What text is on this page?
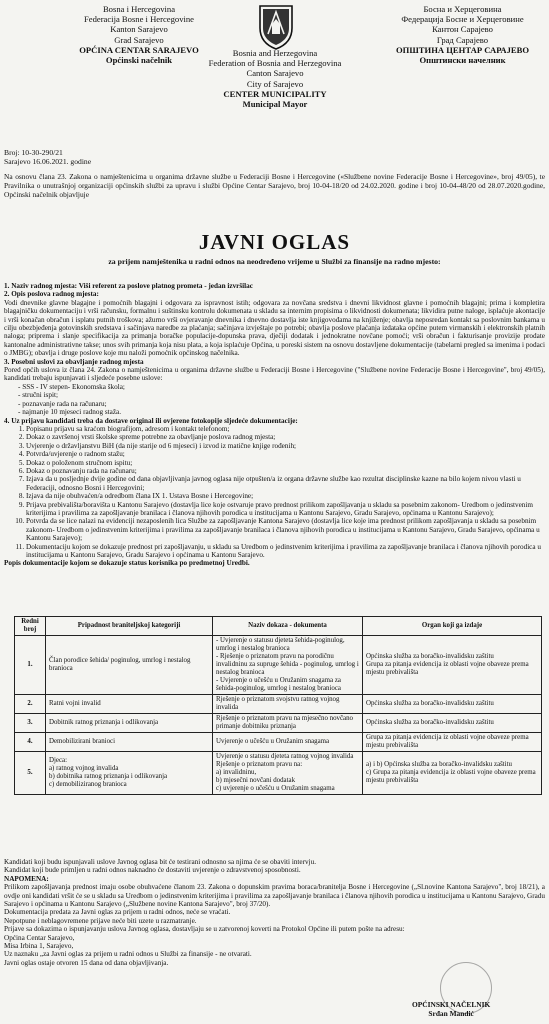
Bosna i Hercegovina
Federacija Bosne i Hercegovine
Kanton Sarajevo
Grad Sarajevo
OPĆINA CENTAR SARAJEVO
Općinski načelnik
Босна и Херцеговина
Федерација Босне и Херцеговине
Кантон Сарајево
Град Сарајево
ОПШТИНА ЦЕНТАР САРАЈЕВО
Општински начелник
Bosnia and Herzegovina
Federation of Bosnia and Herzegovina
Canton Sarajevo
City of Sarajevo
CENTER MUNICIPALITY
Municipal Mayor
Broj: 10-30-290/21
Sarajevo 16.06.2021. godine
Na osnovu člana 23. Zakona o namještenicima u organima državne službe u Federaciji Bosne i Hercegovine («Službene novine Federacije Bosne i Hercegovine», broj 49/05), te Pravilnika o unutrašnjoj organizaciji općinskih službi za upravu i službi Općine Centar Sarajevo, broj 10-04-18/20 od 24.02.2020. godine i broj 10-04-48/20 od 28.07.2020.godine, Općinski načelnik objavljuje
JAVNI OGLAS
za prijem namještenika u radni odnos na neodređeno vrijeme u Službi za finansije na radno mjesto:

1. Naziv radnog mjesta: Viši referent za poslove platnog prometa - jedan izvršilac

2. Opis poslova radnog mjesta:

Vodi dnevnike glavne blagajne i pomoćnih blagajni i odgovara za ispravnost istih; odgovara za novčana sredstva i dnevni likvidnost glavne i pomoćnih blagajni; prima i kompletira blagajničku dokumentaciju i vrši računsku, formalnu i suštinsku kontrolu dokumenata u skladu sa internim propisima o likvidnosti dokumenata; likvidira putne naloge, isplaćuje akontacije i vrši konačan obračun i isplatu putnih troškova; ažurno vrši ovjeravanje dnevnika i dnevno dostavlja iste knjigovođama na knjiženje; obavlja neposredan kontakt sa poslovnim bankama u cilju obezbjeđenja gotovinskih sredstava i sačinjava naredbe za plaćanja; sačinjava izvještaje po potrebi; obavlja poslove plaćanja izdataka općine putem virmanskih i elektronskih platnih naloga; priprema i slanje specifikacija za primanja boračke populacije-dopunska prava, dječiji dodatak i jednokratne novčane pomoći; vrši obračun i fakturisanje provizije prodate kantonalne administrativne takse; unos svih primanja koja nisu plata, a koja isplaćuje Općina, u poreski sistem na osnovu dostavljene dokumentacije (tabelarni pregled sa imenima i podaci o JMBG); obavlja i druge poslove koje mu naloži pomoćnik općinskog načelnika.

3. Posebni uslovi za obavljanje radnog mjesta

Pored općih uslova iz člana 24. Zakona o namještenicima u organima državne službe u Federaciji Bosne i Hercegovine ("Službene novine Federacije Bosne i Hercegovine", broj 49/05), kandidati trebaju ispunjavati i sljedeće posebne uslove:

- SSS - IV stepen- Ekonomska škola;
- stručni ispit;
- poznavanje rada na računaru;
- najmanje 10 mjeseci radnog staža.

4. Uz prijavu kandidati treba da dostave original ili ovjerene fotokopije sljedeće dokumentacije:

1. Popisanu prijavu sa kraćom biografijom, adresom i kontakt telefonom;
2. Dokaz o završenoj vrsti školske spreme potrebne za obavljanje poslova radnog mjesta;
3. Uvjerenje o državljanstvu BiH (da nije starije od 6 mjeseci) i izvod iz matične knjige rođenih;
4. Potvrda/uvjerenje o radnom stažu;
5. Dokaz o položenom stručnom ispitu;
6. Dokaz o poznavanju rada na računaru;
7. Izjava da u posljednje dvije godine od dana objavljivanja javnog oglasa nije otpušten/a iz organa državne službe kao rezultat disciplinske kazne na bilo kojem nivou vlasti u Federaciji, odnosno Bosni i Hercegovini;
8. Izjava da nije obuhvaćen/a odredbom člana IX 1. Ustava Bosne i Hercegovine;
9. Prijava prebivališta/boravišta u Kantonu Sarajevo (dostavlja lice koje ostvaruje pravo prednost prilikom zapošljavanja u skladu sa posebnim zakonom- Uredbom o jedinstvenim kriterijima i pravilima za zapošljavanje branilaca i članova njihovih porodica u institucijama u Kantonu Sarajevo, Gradu Sarajevo, općinama u Kantonu Sarajevo);
10. Potvrda da se lice nalazi na evidenciji nezaposlenih lica Službe za zapošljavanje Kantona Sarajevo (dostavlja lice koje ima prednost prilikom zapošljavanja u skladu sa posebnim zakonom- Uredbom o jedinstvenim kriterijima i pravilima za zapošljavanje branilaca i članova njihovih porodica u institucijama u Kantonu Sarajevo, Gradu Sarajevo, općinama u Kantonu Sarajevo);
11. Dokumentaciju kojom se dokazuje prednost pri zapošljavanju, u skladu sa Uredbom o jedinstvenim kriterijima i pravilima za zapošljavanje branilaca i članova njihovih porodica u institucijama u Kantonu Sarajevo, Gradu Sarajevo i općinama u Kantonu Sarajevo.

Popis dokumentacije kojom se dokazuje status korisnika po predmetnoj Uredbi.

Redni broj	Pripadnost braniteljskoj kategoriji	Naziv dokaza - dokumenta	Organ koji ga izdaje
1.	Član porodice šehida/ poginulog, umrlog i nestalog branioca	- Uvjerenje o statusu djeteta šehida-poginulog, umrlog i nestalog branioca
- Rješenje o priznatom pravu na porodičnu invalidninu za supruge šehida - poginulog, umrlog i nestalog branioca
- Uvjerenje o učešću u Oružanim snagama za šehida-poginulog, umrlog i nestalog branioca	Općinska služba za boračko-invalidsku zaštitu
Grupa za pitanja evidencija iz oblasti vojne obaveze prema mjestu prebivališta
2.	Ratni vojni invalid	Rješenje o priznatom svojstvu ratnog vojnog invalida	Općinska služba za boračko-invalidsku zaštitu
3.	Dobitnik ratnog priznanja i odlikovanja	Rješenje o priznatom pravu na mjesečno novčano primanje dobitniku priznanja	Općinska služba za boračko-invalidsku zaštitu
4.	Demobilizirani branioci	Uvjerenje o učešću u Oružanim snagama	Grupa za pitanja evidencija iz oblasti vojne obaveze prema mjestu prebivališta
5.	Djeca:
a) ratnog vojnog invalida
b) dobitnika ratnog priznanja i odlikovanja
c) demobiliziranog branioca	Uvjerenje o statusu djeteta ratnog vojnog invalida
Rješenje o priznatom pravu na:
a) invalidninu,
b) mjesečni novčani dodatak
c) uvjerenje o učešću u Oružanim snagama	a) i b) Općinska služba za boračko-invalidsku zaštitu
c) Grupa za pitanja evidencija iz oblasti vojne obaveze prema mjestu prebivališta

Kandidati koji budu ispunjavali uslove Javnog oglasa bit će testirani odnosno sa njima će se obaviti intervju.

Kandidat koji bude primljen u radni odnos naknadno će dostaviti uvjerenje o zdravstvenoj sposobnosti.

NAPOMENA:

Prilikom zapošljavanja prednost imaju osobe obuhvaćene članom 23. Zakona o dopunskim pravima boraca/branitelja Bosne i Hercegovine („Sl.novine Kantona Sarajevo", broj 18/21), a ovdje oni kandidati vršit će se u skladu sa Uredbom o jedinstvenim kriterijima i pravilima za zapošljavanje branilaca i članova njihovih porodica u institucijama u Kantonu Sarajevo, Gradu Sarajevo i općinama u Kantonu Sarajevo („Službene novine Kantona Sarajevo", broj 37/20).

Dokumentacija predata za Javni oglas za prijem u radni odnos, neće se vraćati.

Nepotpune i neblagovremene prijave neće biti uzete u razmatranje.

Prijave sa dokazima o ispunjavanju uslova Javnog oglasa, dostavljaju se u zatvorenoj koverti na Protokol Općine ili putem pošte na adresu:

Općina Centar Sarajevo,

Misa Irbina 1, Sarajevo,

Uz naznaku „za Javni oglas za prijem u radni odnos u Službi za finansije - ne otvarati.

Javni oglas ostaje otvoren 15 dana od dana objavljivanja.

OPĆINSKI NAČELNIK
Srđan Mandić
